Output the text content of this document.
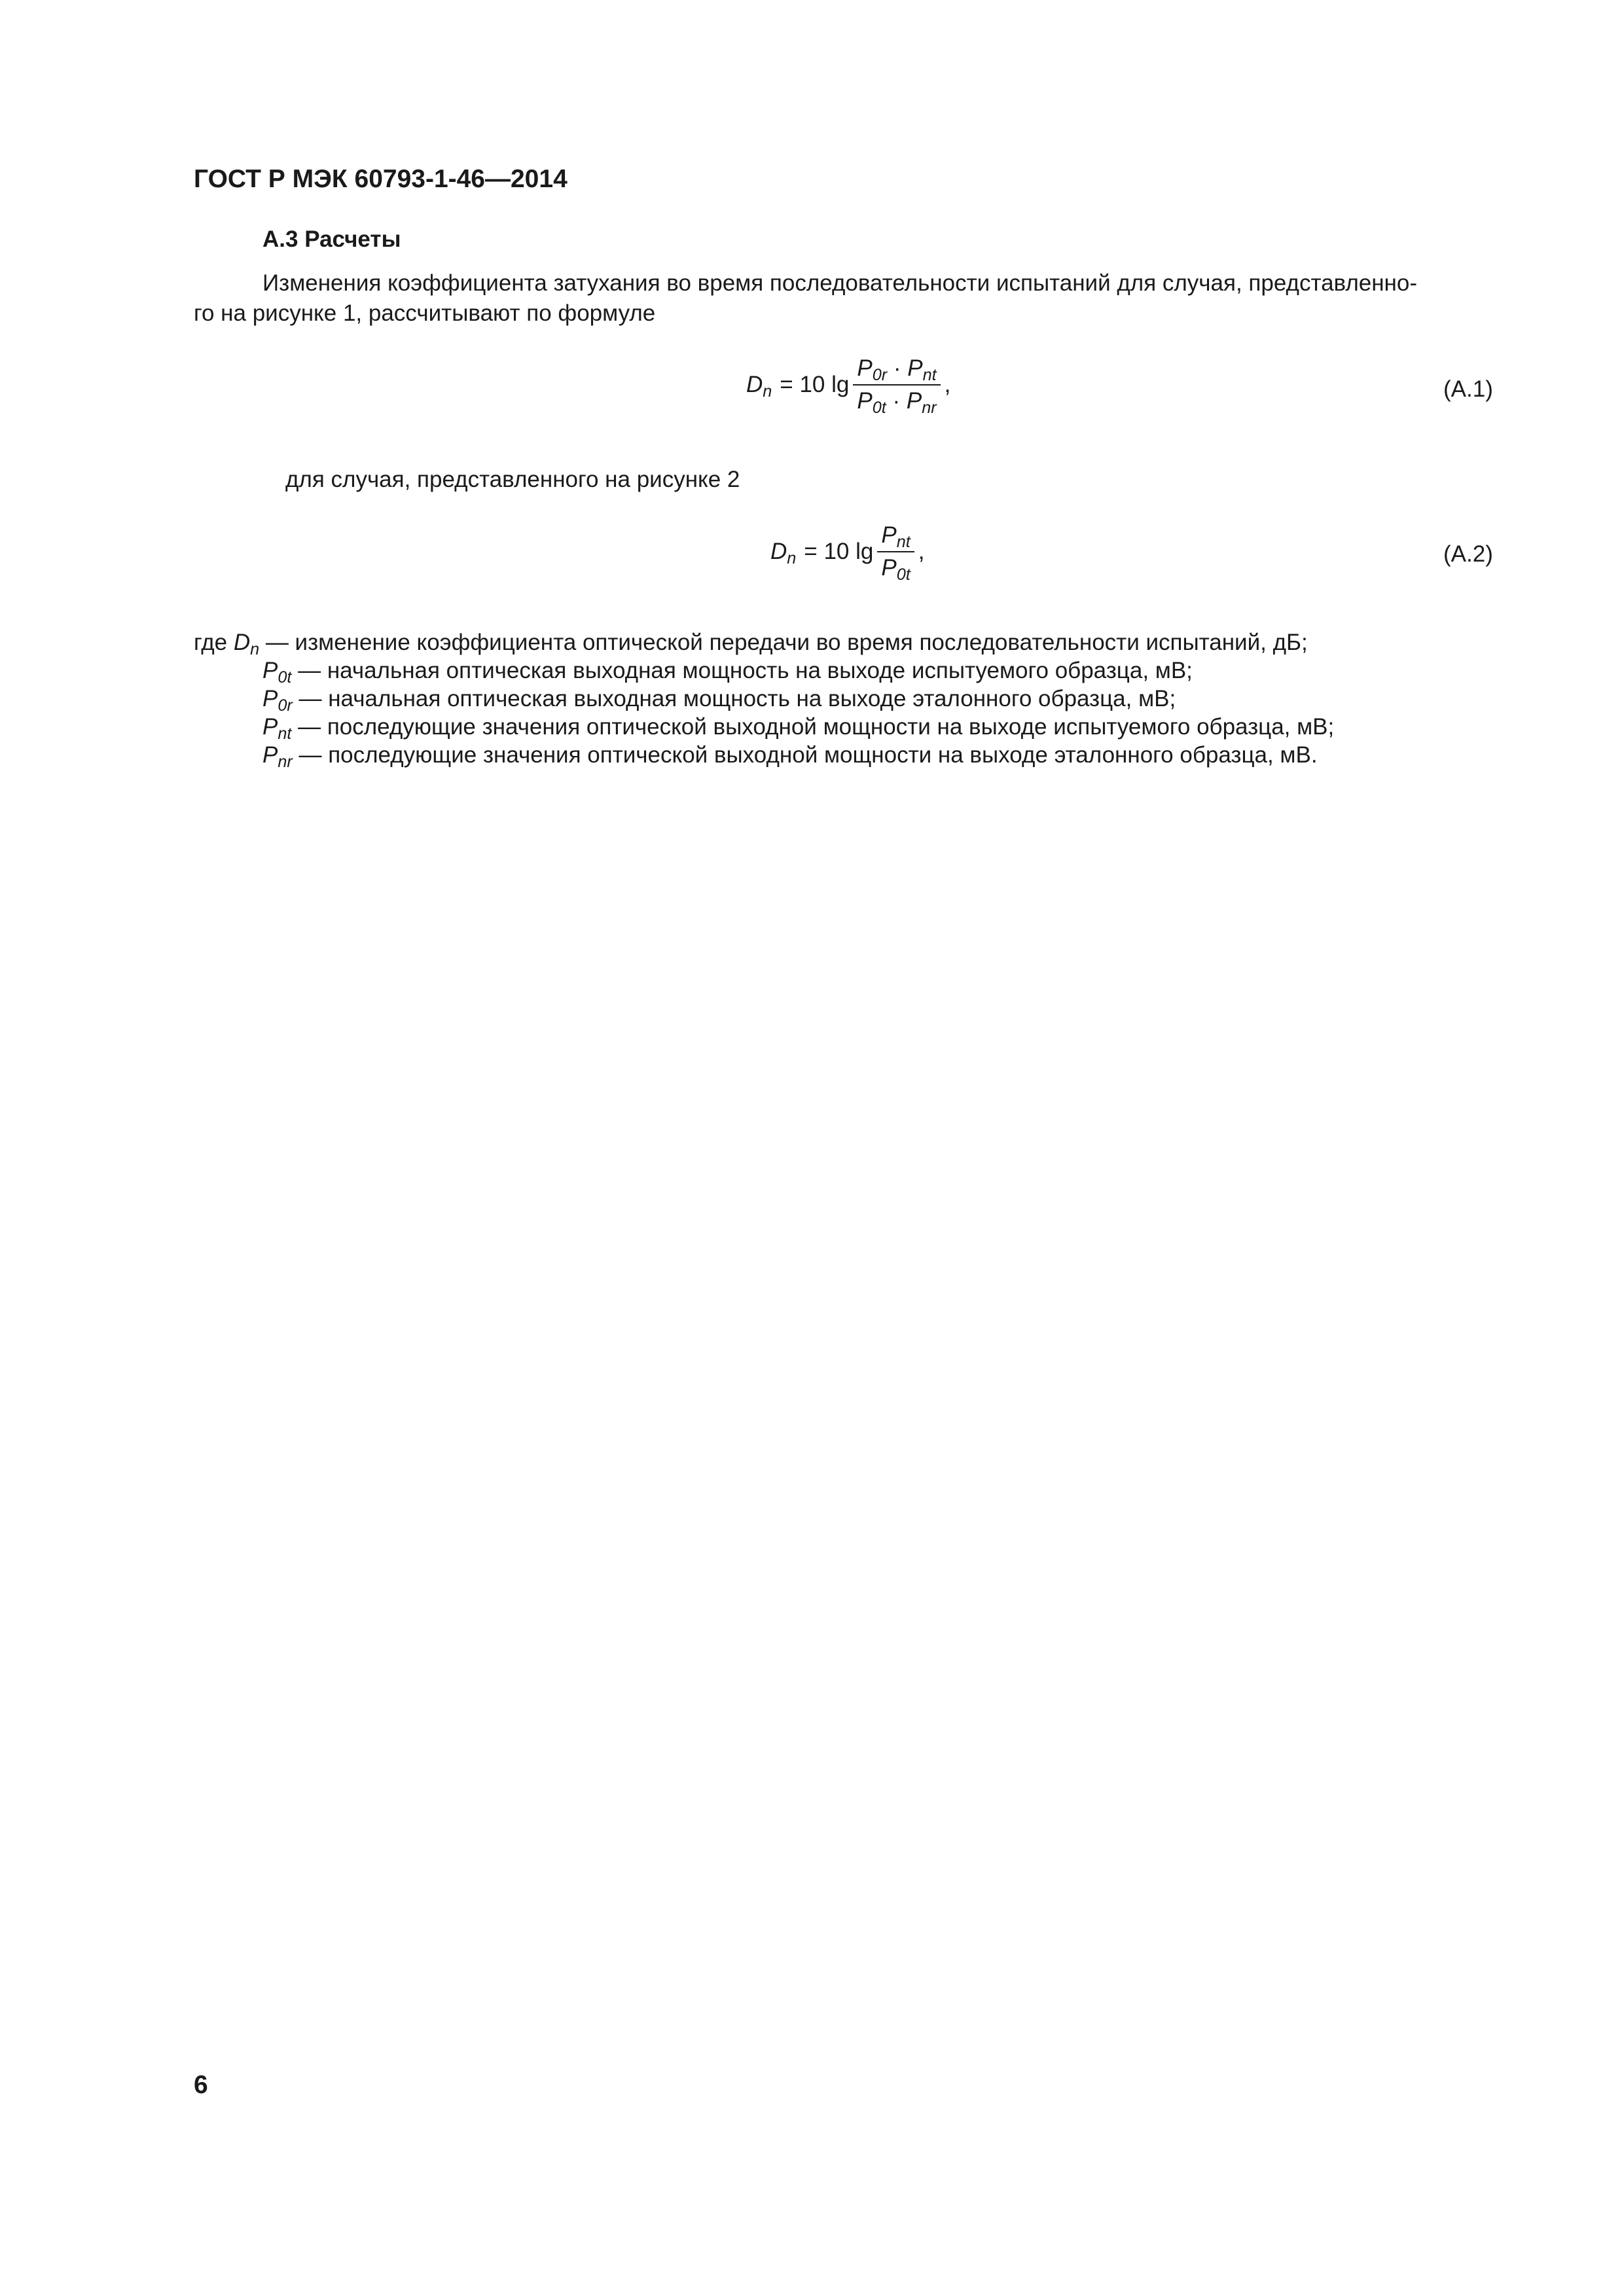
ГОСТ Р МЭК 60793-1-46—2014
А.3 Расчеты
Изменения коэффициента затухания во время последовательности испытаний для случая, представленно-
го на рисунке 1, рассчитывают по формуле
$D_n = 10$ $\lg \frac{P_{0r} \cdot P_{nt}}{P_{0t} \cdot P_{nr}}$ ,	(А.1)
для случая, представленного на рисунке 2
$D_n = 10$ $\lg \frac{P_{nt}}{P_{0t}}$ ,	(А.2)
где $D_n$ — изменение коэффициента оптической передачи во время последовательности испытаний, дБ;
$P_{0t}$ — начальная оптическая выходная мощность на выходе испытуемого образца, мВ;
$P_{0r}$ — начальная оптическая выходная мощность на выходе эталонного образца, мВ;
$P_{nt}$ — последующие значения оптической выходной мощности на выходе испытуемого образца, мВ;
$P_{nr}$ — последующие значения оптической выходной мощности на выходе эталонного образца, мВ.
6
